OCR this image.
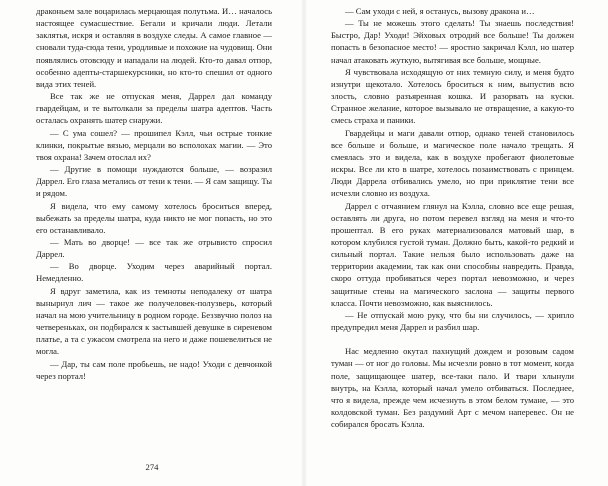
драконьем зале воцарилась мерцающая полутьма. И… началось настоящее сумасшествие. Бегали и кричали люди. Летали заклятья, искря и оставляя в воздухе следы. А самое главное — сновали туда-сюда тени, уродливые и похожие на чудовищ. Они появлялись отовсюду и нападали на людей. Кто-то давал отпор, особенно адепты-старшекурсники, но кто-то спешил от одного вида этих теней.

Все так же не отпуская меня, Даррел дал команду гвардейцам, и те вытолкали за пределы шатра адептов. Часть осталась охранять шатер снаружи.

— С ума сошел? — прошипел Кэлл, чьи острые тонкие клинки, покрытые вязью, мерцали во всполохах магии. — Это твоя охрана! Зачем отослал их?

— Другие в помощи нуждаются больше, — возразил Даррел. Его глаза метались от тени к тени. — Я сам защищу. Ты и рядом.

Я видела, что ему самому хотелось броситься вперед, выбежать за пределы шатра, куда никто не мог попасть, но это его останавливало.

— Мать во дворце! — все так же отрывисто спросил Даррел.

— Во дворце. Уходим через аварийный портал. Немедленно.

Я вдруг заметила, как из темноты неподалеку от шатра вынырнул лич — такое же получеловек-полузверь, который начал на мою учительницу в родном городе. Беззвучно полоз на четвереньках, он подбирался к застывшей девушке в сиреневом платье, а та с ужасом смотрела на него и даже пошевелиться не могла.

— Дар, ты сам поле пробьешь, не надо! Уходи с девчонкой через портал!

274

— Сам уходи с ней, я останусь, вызову дракона и…

— Ты не можешь этого сделать! Ты знаешь последствия! Быстро, Дар! Уходи! Эйховых отродий все больше! Ты должен попасть в безопасное место! — яростно закричал Кэлл, но шатер начал атаковать жуткую, вытягивая все больше, мощные.

Я чувствовала исходящую от них темную силу, и меня будто изнутри щекотало. Хотелось броситься к ним, выпустив всю злость, словно разъяренная кошка. И разорвать на куски. Странное желание, которое вызывало не отвращение, а какую-то смесь страха и паники.

Гвардейцы и маги давали отпор, однако теней становилось все больше и больше, и магическое поле начало трещать. Я смеялась это и видела, как в воздухе пробегают фиолетовые искры. Все ли кто в шатре, хотелось позаимствовать с принцем. Люди Даррела отбивались умело, но при приклятие тени все исчезли словно из воздуха.

Даррел с отчаянием глянул на Кэлла, словно все еще решая, оставлять ли друга, но потом перевел взгляд на меня и что-то прошептал. В его руках материализовался матовый шар, в котором клубился густой туман. Должно быть, какой-то редкий и сильный портал. Такие нельзя было использовать даже на территории академии, так как они способны навредить. Правда, скоро оттуда пробиваться через портал невозможно, и через защитные стены на магического заслона — защиты первого класса. Почти невозможно, как выяснилось.

— Не отпускай мою руку, что бы ни случилось, — хрипло предупредил меня Даррел и разбил шар.

Нас медленно окутал пахнущий дождем и розовым садом туман — от ног до головы. Мы исчезли ровно в тот момент, когда поле, защищающее шатер, все-таки пало. И твари хлынули внутрь, на Кэлла, который начал умело отбиваться. Последнее, что я видела, прежде чем исчезнуть в этом белом тумане, — это колдовской туман. Без раздумий Арт с мечом наперевес. Он не собирался бросать Кэлла.
